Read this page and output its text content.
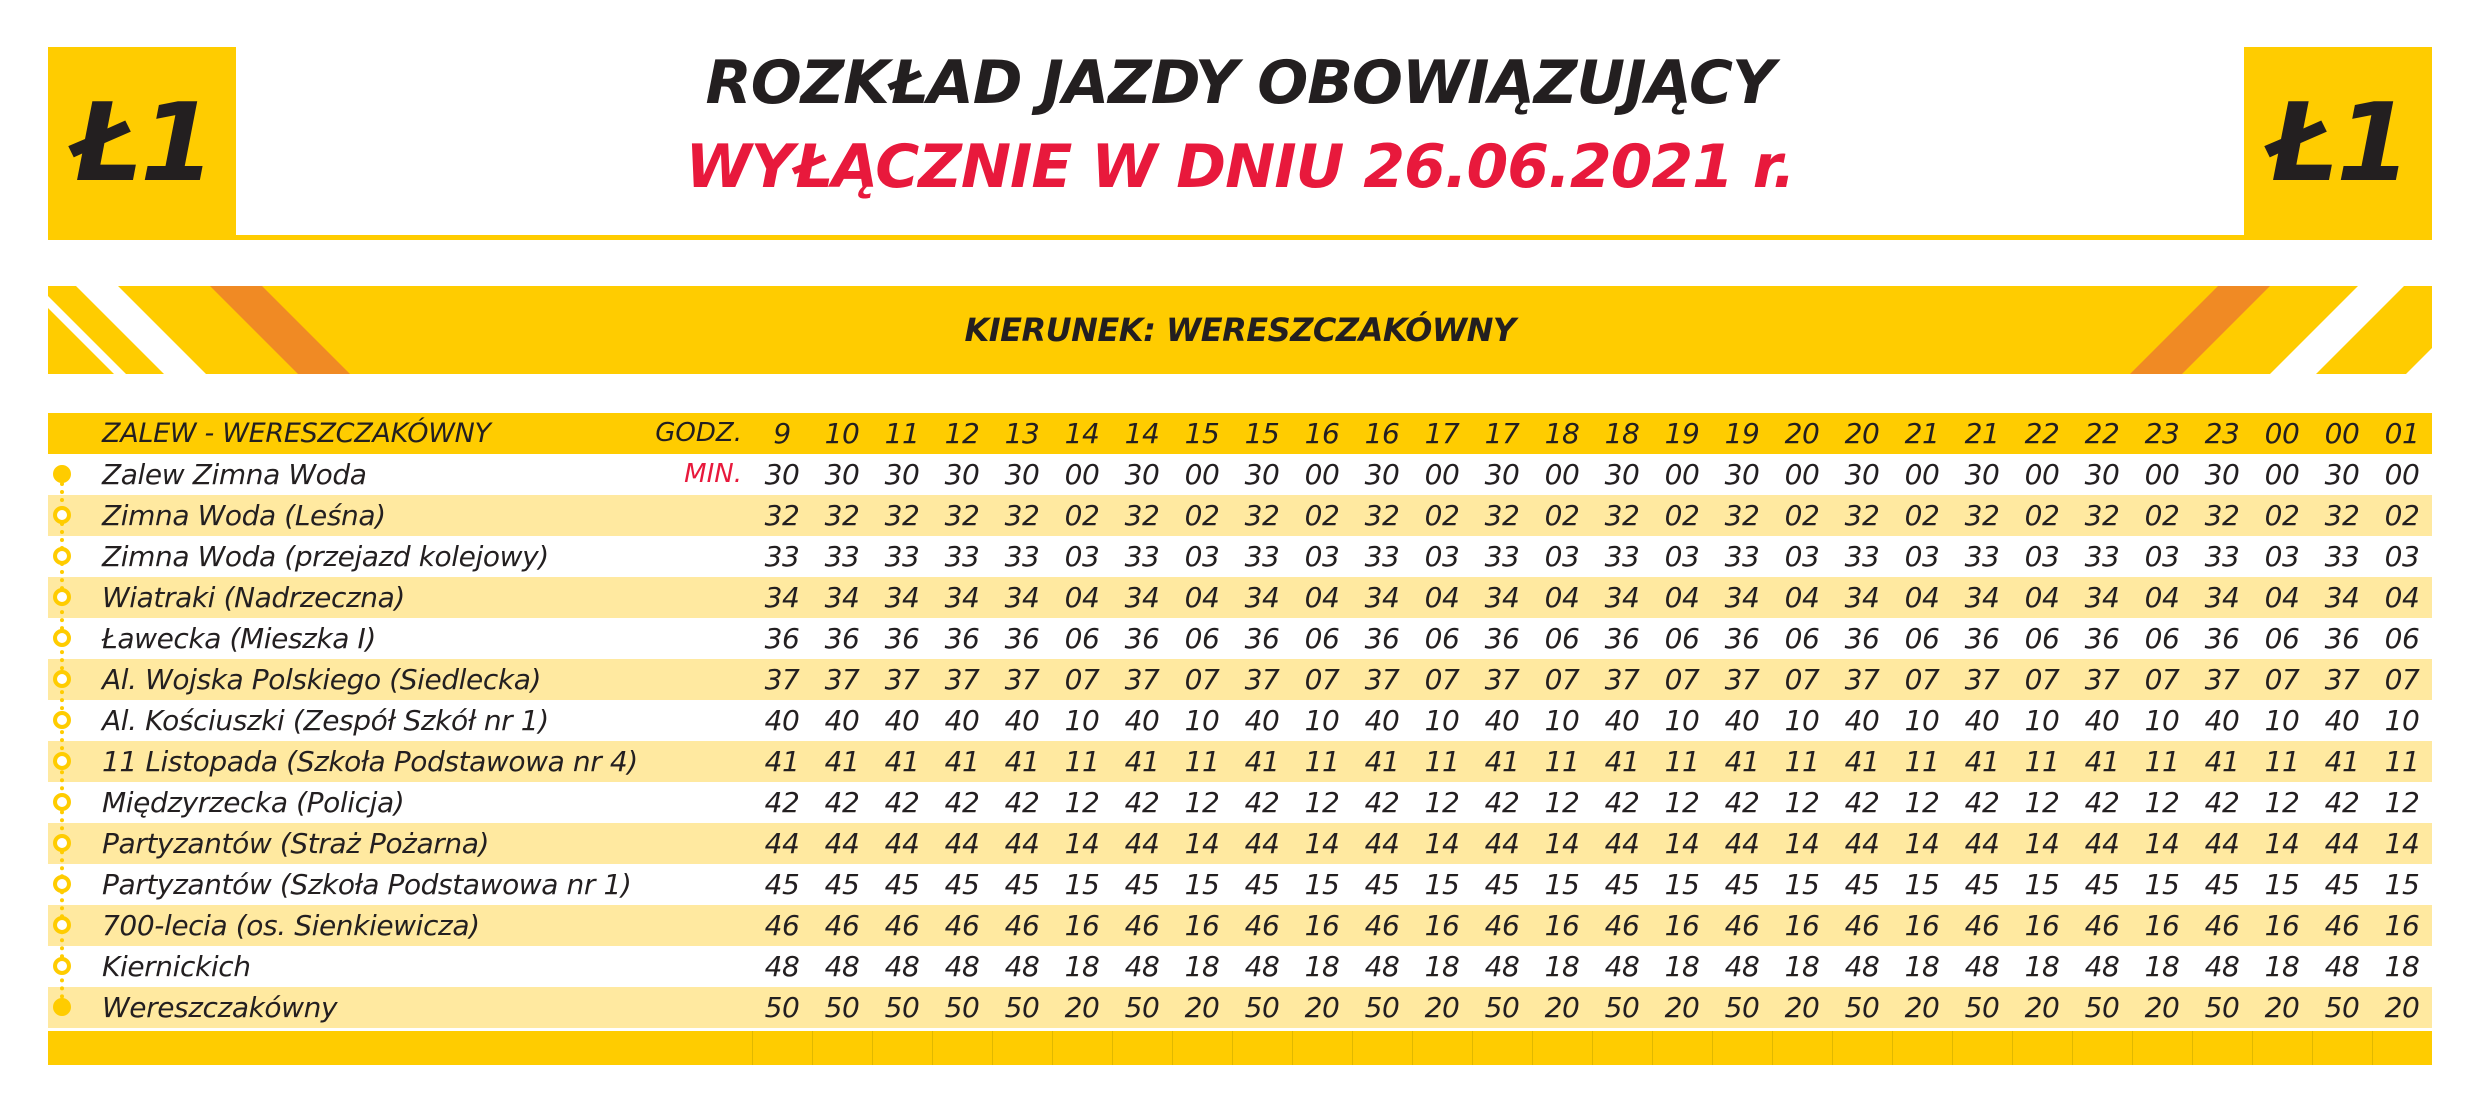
Ł1	Ł1
ROZKŁAD JAZDY OBOWIĄZUJĄCY
WYŁĄCZNIE W DNIU 26.06.2021 r.
KIERUNEK: WERESZCZAKÓWNY
ZALEW - WERESZCZAKÓWNY	GODZ.	9	10 11 12 13 14 14 15 15 16 16 17 17 18 18 19 19 20 20 21 21 22 22 23 23 00 00 01
Zalew Zimna Woda	MIN. 30 30 30 30 30 00 30 00 30 00 30 00 30 00 30 00 30 00 30 00 30 00 30 00 30 00 30 00
Zimna Woda (Leśna)	32 32 32 32 32 02 32 02 32 02 32 02 32 02 32 02 32 02 32 02 32 02 32 02 32 02 32 02
Zimna Woda (przejazd kolejowy)	33 33 33 33 33 03 33 03 33 03 33 03 33 03 33 03 33 03 33 03 33 03 33 03 33 03 33 03
Wiatraki (Nadrzeczna)	34 34 34 34 34 04 34 04 34 04 34 04 34 04 34 04 34 04 34 04 34 04 34 04 34 04 34 04
Ławecka (Mieszka I)	36 36 36 36 36 06 36 06 36 06 36 06 36 06 36 06 36 06 36 06 36 06 36 06 36 06 36 06
Al. Wojska Polskiego (Siedlecka)	37 37 37 37 37 07 37 07 37 07 37 07 37 07 37 07 37 07 37 07 37 07 37 07 37 07 37 07
Al. Kościuszki (Zespół Szkół nr 1)	40 40 40 40 40 10 40 10 40 10 40 10 40 10 40 10 40 10 40 10 40 10 40 10 40 10 40 10
11 Listopada (Szkoła Podstawowa nr 4)	41 41 41 41 41 11 41 11 41 11 41 11 41 11 41 11 41 11 41 11 41 11 41 11 41 11 41 11
Międzyrzecka (Policja)	42 42 42 42 42 12 42 12 42 12 42 12 42 12 42 12 42 12 42 12 42 12 42 12 42 12 42 12
Partyzantów (Straż Pożarna)	44 44 44 44 44 14 44 14 44 14 44 14 44 14 44 14 44 14 44 14 44 14 44 14 44 14 44 14
Partyzantów (Szkoła Podstawowa nr 1)	45 45 45 45 45 15 45 15 45 15 45 15 45 15 45 15 45 15 45 15 45 15 45 15 45 15 45 15
700-lecia (os. Sienkiewicza)	46 46 46 46 46 16 46 16 46 16 46 16 46 16 46 16 46 16 46 16 46 16 46 16 46 16 46 16
Kiernickich	48 48 48 48 48 18 48 18 48 18 48 18 48 18 48 18 48 18 48 18 48 18 48 18 48 18 48 18
Wereszczakówny	50 50 50 50 50 20 50 20 50 20 50 20 50 20 50 20 50 20 50 20 50 20 50 20 50 20 50 20
